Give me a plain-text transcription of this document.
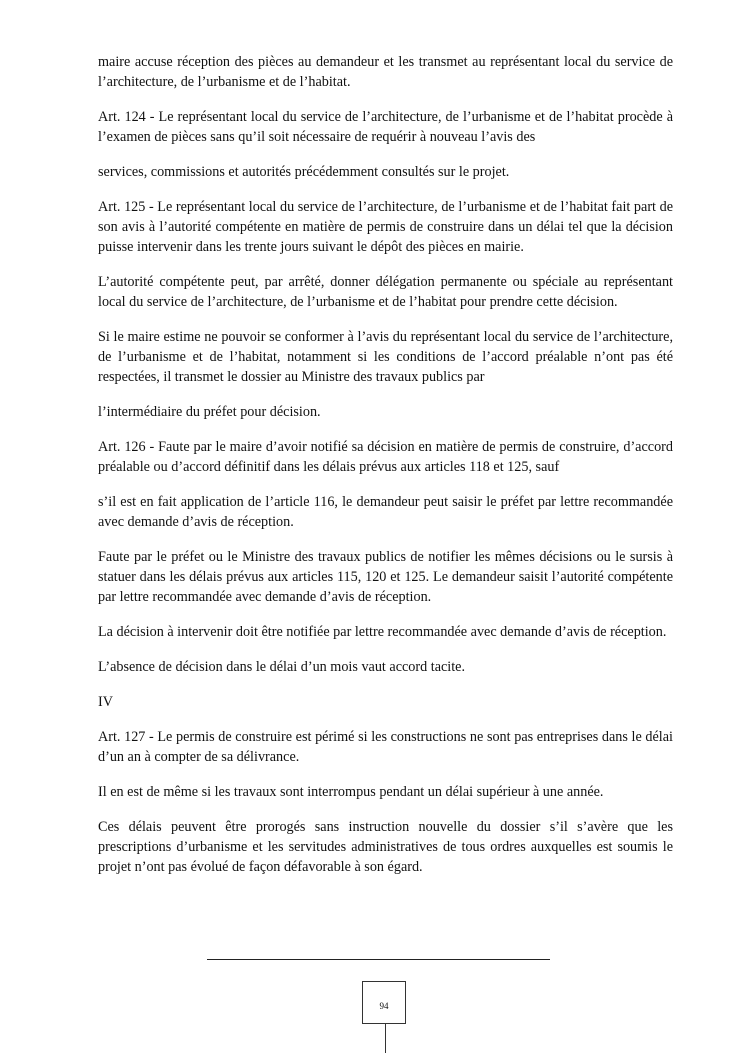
maire accuse réception des pièces au demandeur et les transmet au représentant local du service de l’architecture, de l’urbanisme et de l’habitat.

Art. 124 - Le représentant local du service de l’architecture, de l’urbanisme et de l’habitat procède à l’examen de pièces sans qu’il soit nécessaire de requérir à nouveau l’avis des

services, commissions et autorités précédemment consultés sur le projet.

Art. 125 - Le représentant local du service de l’architecture, de l’urbanisme et de l’habitat fait part de son avis à l’autorité compétente en matière de permis de construire dans un délai tel que la décision puisse intervenir dans les trente jours suivant le dépôt des pièces en mairie.

L’autorité compétente peut, par arrêté, donner délégation permanente ou spéciale au représentant local du service de l’architecture, de l’urbanisme et de l’habitat pour prendre cette décision.

Si le maire estime ne pouvoir se conformer à l’avis du représentant local du service de l’architecture, de l’urbanisme et de l’habitat, notamment si les conditions de l’accord préalable n’ont pas été respectées, il transmet le dossier au Ministre des travaux publics par

l’intermédiaire du préfet pour décision.

Art. 126 - Faute par le maire d’avoir notifié sa décision en matière de permis de construire, d’accord préalable ou d’accord définitif dans les délais prévus aux articles 118 et 125, sauf

s’il est en fait application de l’article 116, le demandeur peut saisir le préfet par lettre recommandée avec demande d’avis de réception.

Faute par le préfet ou le Ministre des travaux publics de notifier les mêmes décisions ou le sursis à statuer dans les délais prévus aux articles 115, 120 et 125. Le demandeur saisit l’autorité compétente par lettre recommandée avec demande d’avis de réception.

La décision à intervenir doit être notifiée par lettre recommandée avec demande d’avis de réception.

L’absence de décision dans le délai d’un mois vaut accord tacite.

IV

Art. 127 - Le permis de construire est périmé si les constructions ne sont pas entreprises dans le délai d’un an à compter de sa délivrance.

Il en est de même si les travaux sont interrompus pendant un délai supérieur à une année.

Ces délais peuvent être prorogés sans instruction nouvelle du dossier s’il s’avère que les prescriptions d’urbanisme et les servitudes administratives de tous ordres auxquelles est soumis le projet n’ont pas évolué de façon défavorable à son égard.

94
